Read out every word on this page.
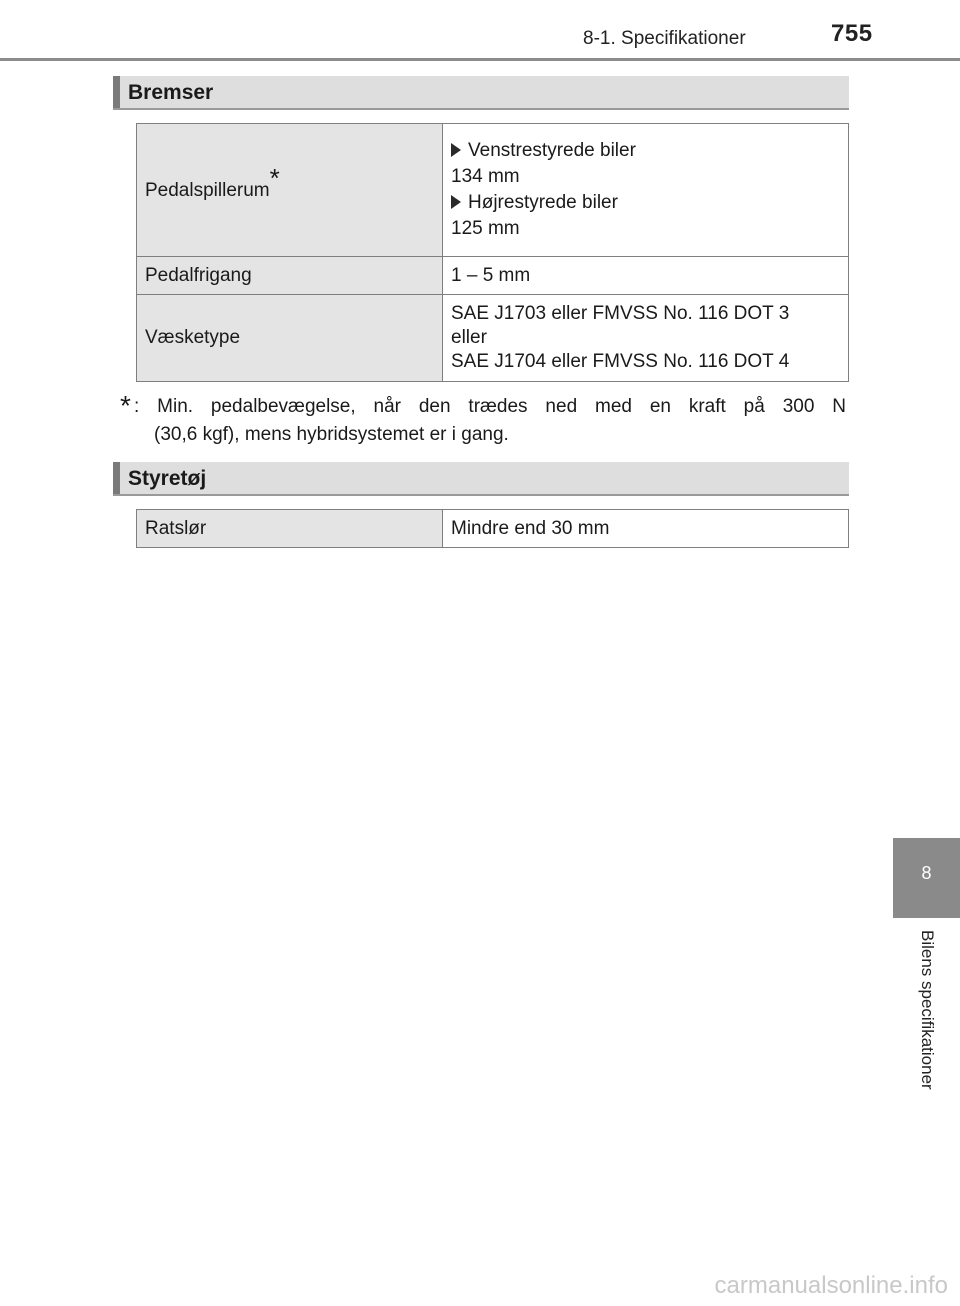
8-1. Specifikationer	755
Bremser
Pedalspillerum*	Venstrestyrede biler
134 mm
Højrestyrede biler
125 mm

Pedalfrigang	1 – 5 mm
Væsketype	SAE J1703 eller FMVSS No. 116 DOT 3
eller
SAE J1704 eller FMVSS No. 116 DOT 4
* : Min. pedalbevægelse, når den trædes ned med en kraft på 300 N
(30,6 kgf), mens hybridsystemet er i gang.
Styretøj
Ratslør	Mindre end 30 mm
8
Bilens specifikationer
carmanualsonline.info
